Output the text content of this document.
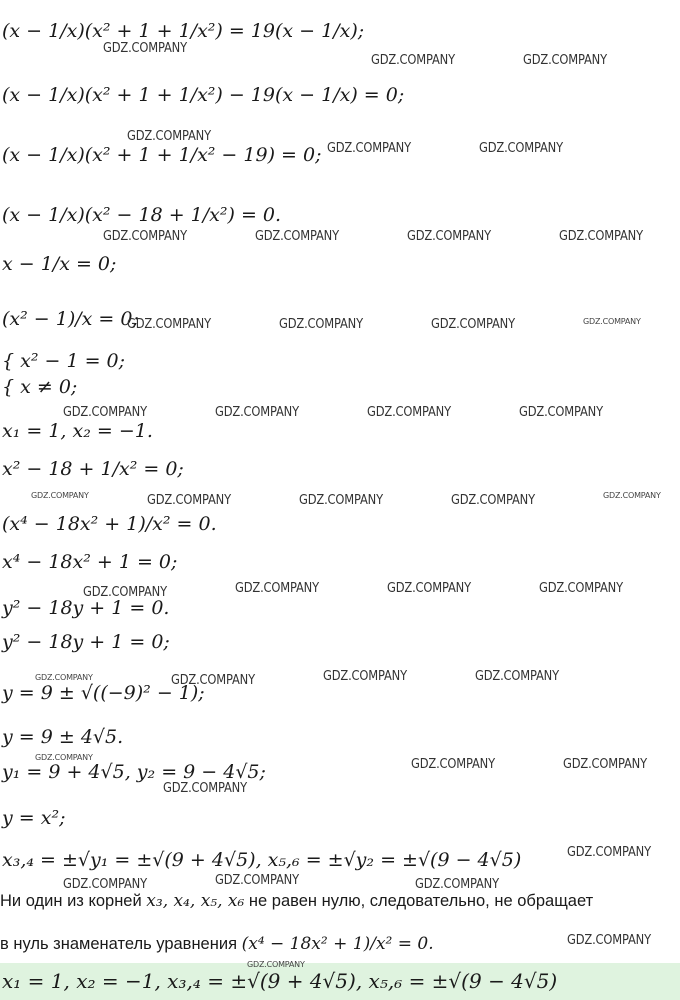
(x − 1/x)(x² + 1 + 1/x²) = 19(x − 1/x);
(x − 1/x)(x² + 1 + 1/x²) − 19(x − 1/x) = 0;
(x − 1/x)(x² + 1 + 1/x² − 19) = 0;
(x − 1/x)(x² − 18 + 1/x²) = 0.
x − 1/x = 0;
(x² − 1)/x = 0;
{ x² − 1 = 0;
{ x ≠ 0;
x₁ = 1, x₂ = −1.
x² − 18 + 1/x² = 0;
(x⁴ − 18x² + 1)/x² = 0.
x⁴ − 18x² + 1 = 0;
y² − 18y + 1 = 0.
y² − 18y + 1 = 0;
y = 9 ± √((−9)² − 1);
y = 9 ± 4√5.
y₁ = 9 + 4√5, y₂ = 9 − 4√5;
y = x²;
x₃,₄ = ±√y₁ = ±√(9 + 4√5), x₅,₆ = ±√y₂ = ±√(9 − 4√5)
Ни один из корней x₃, x₄, x₅, x₆ не равен нулю, следовательно, не обращает
в нуль знаменатель уравнения (x⁴ − 18x² + 1)/x² = 0.
x₁ = 1, x₂ = −1, x₃,₄ = ±√(9 + 4√5), x₅,₆ = ±√(9 − 4√5)
GDZ.COMPANY
GDZ.COMPANY	GDZ.COMPANY
GDZ.COMPANY
GDZ.COMPANY	GDZ.COMPANY
GDZ.COMPANY	GDZ.COMPANY	GDZ.COMPANY	GDZ.COMPANY
GDZ.COMPANY	GDZ.COMPANY	GDZ.COMPANY	GDZ.COMPANY
GDZ.COMPANY	GDZ.COMPANY	GDZ.COMPANY	GDZ.COMPANY
GDZ.COMPANY	GDZ.COMPANY	GDZ.COMPANY	GDZ.COMPANY	GDZ.COMPANY
GDZ.COMPANY	GDZ.COMPANY	GDZ.COMPANY	GDZ.COMPANY
GDZ.COMPANY	GDZ.COMPANY	GDZ.COMPANY	GDZ.COMPANY
GDZ.COMPANY
GDZ.COMPANY
GDZ.COMPANY	GDZ.COMPANY
GDZ.COMPANY
GDZ.COMPANY	GDZ.COMPANY	GDZ.COMPANY
GDZ.COMPANY
GDZ.COMPANY
